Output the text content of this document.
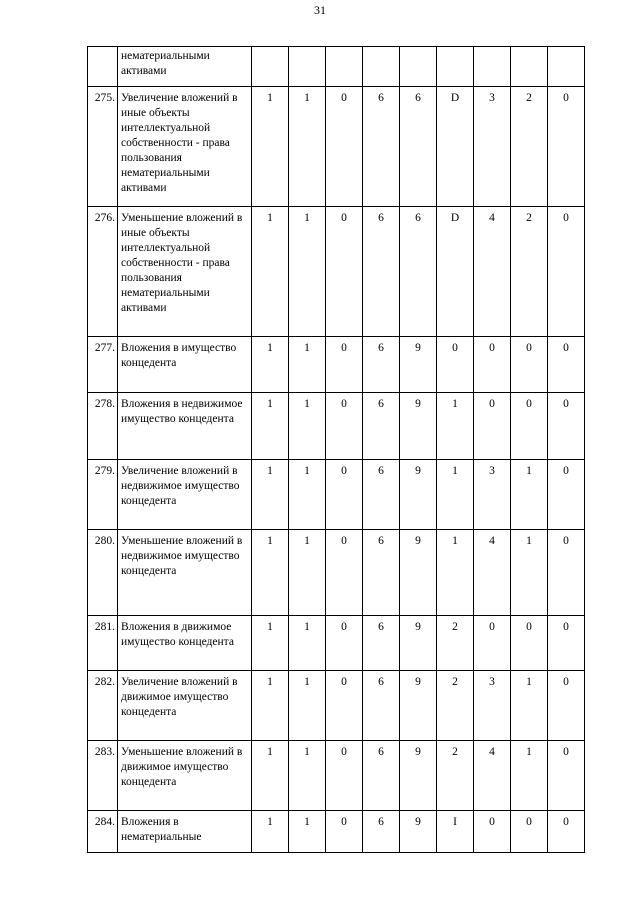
31
	нематериальными активами									
275.	Увеличение вложений в иные объекты интеллектуальной собственности - права пользования нематериальными активами	1	1	0	6	6	D	3	2	0
276.	Уменьшение вложений в иные объекты интеллектуальной собственности - права пользования нематериальными активами	1	1	0	6	6	D	4	2	0
277.	Вложения в имущество концедента	1	1	0	6	9	0	0	0	0
278.	Вложения в недвижимое имущество концедента	1	1	0	6	9	1	0	0	0
279.	Увеличение вложений в недвижимое имущество концедента	1	1	0	6	9	1	3	1	0
280.	Уменьшение вложений в недвижимое имущество концедента	1	1	0	6	9	1	4	1	0
281.	Вложения в движимое имущество концедента	1	1	0	6	9	2	0	0	0
282.	Увеличение вложений в движимое имущество концедента	1	1	0	6	9	2	3	1	0
283.	Уменьшение вложений в движимое имущество концедента	1	1	0	6	9	2	4	1	0
284.	Вложения в нематериальные	1	1	0	6	9	I	0	0	0
